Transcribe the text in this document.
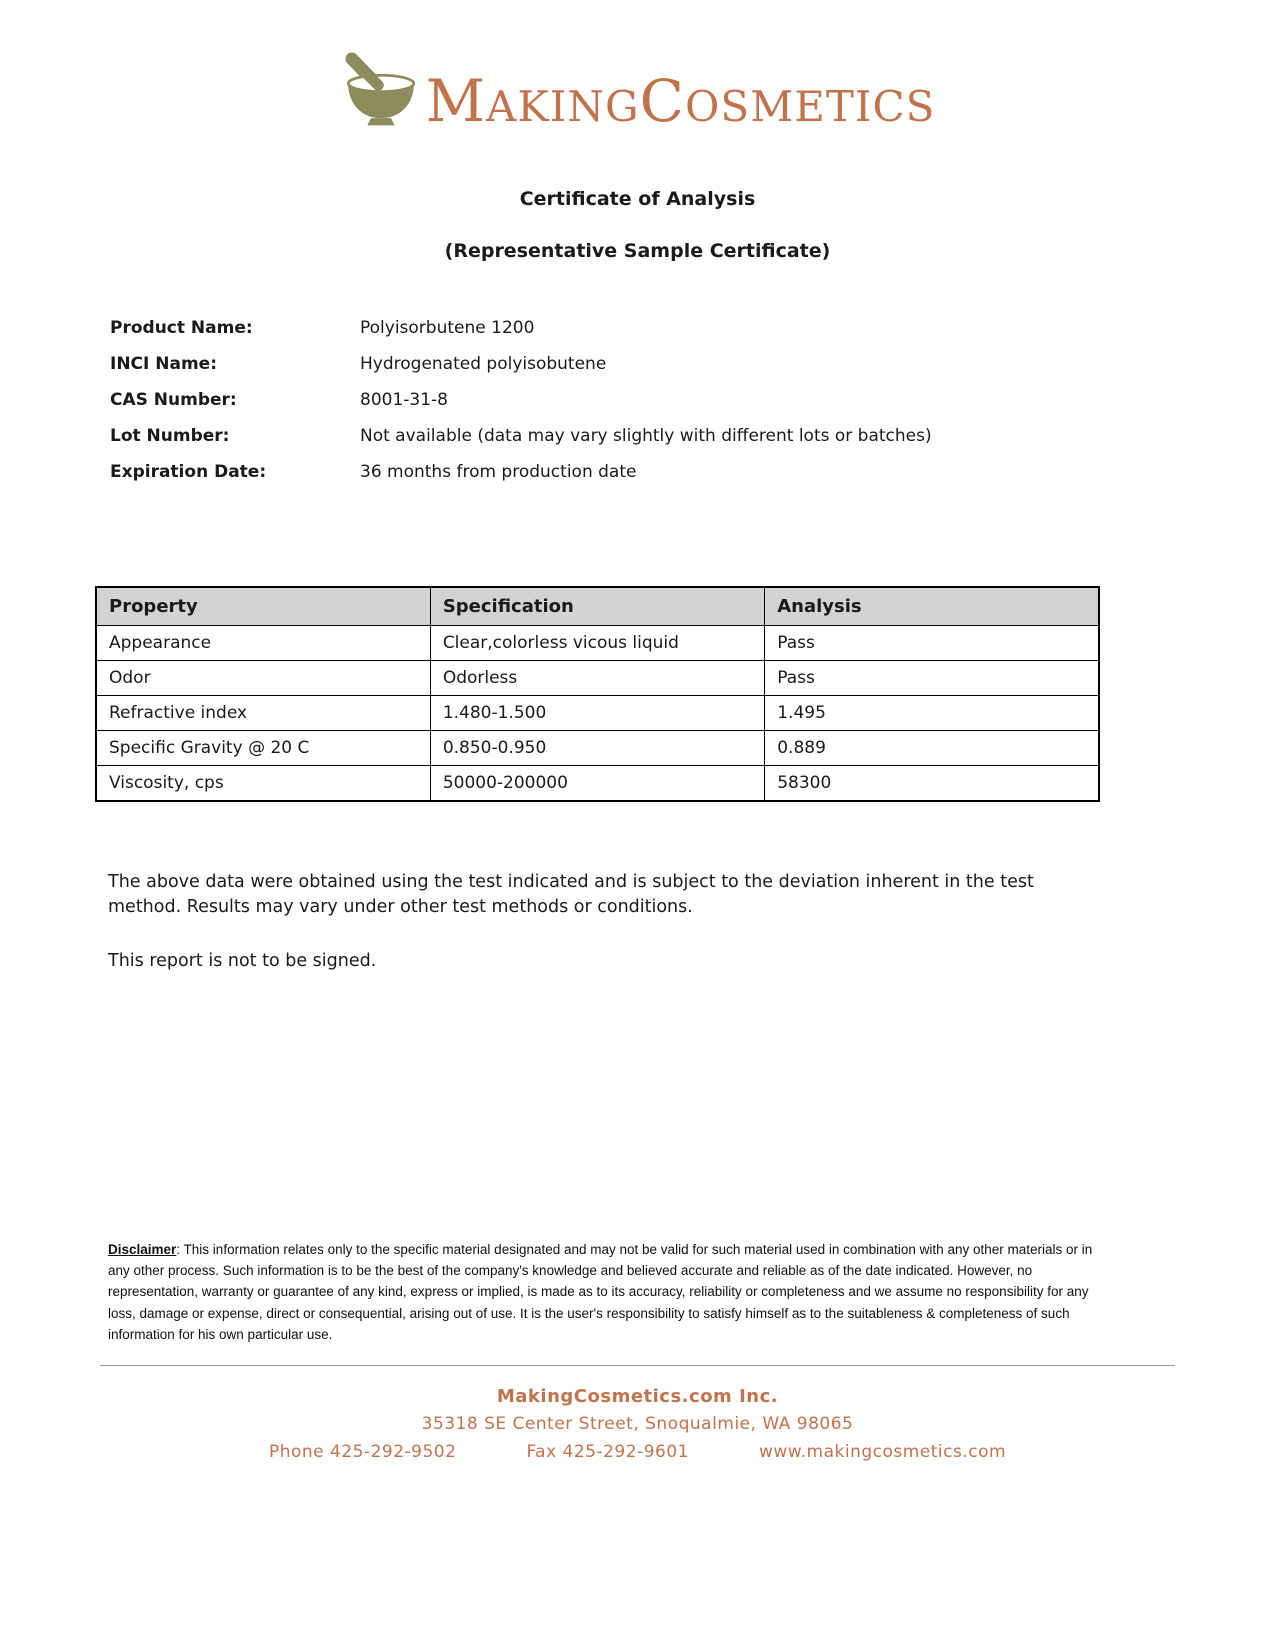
MAKINGCOSMETICS
Certificate of Analysis
(Representative Sample Certificate)
Product Name:	Polyisorbutene 1200
INCI Name:	Hydrogenated polyisobutene
CAS Number:	8001-31-8
Lot Number:	Not available (data may vary slightly with different lots or batches)
Expiration Date:	36 months from production date
Property	Specification	Analysis
Appearance	Clear,colorless vicous liquid	Pass
Odor	Odorless	Pass
Refractive index	1.480-1.500	1.495
Specific Gravity @ 20 C	0.850-0.950	0.889
Viscosity, cps	50000-200000	58300

The above data were obtained using the test indicated and is subject to the deviation inherent in the test method. Results may vary under other test methods or conditions.

This report is not to be signed.

Disclaimer: This information relates only to the specific material designated and may not be valid for such material used in combination with any other materials or in any other process. Such information is to be the best of the company's knowledge and believed accurate and reliable as of the date indicated. However, no representation, warranty or guarantee of any kind, express or implied, is made as to its accuracy, reliability or completeness and we assume no responsibility for any loss, damage or expense, direct or consequential, arising out of use. It is the user's responsibility to satisfy himself as to the suitableness & completeness of such information for his own particular use.

MakingCosmetics.com Inc.
35318 SE Center Street, Snoqualmie, WA 98065
Phone 425-292-9502	Fax 425-292-9601	www.makingcosmetics.com
